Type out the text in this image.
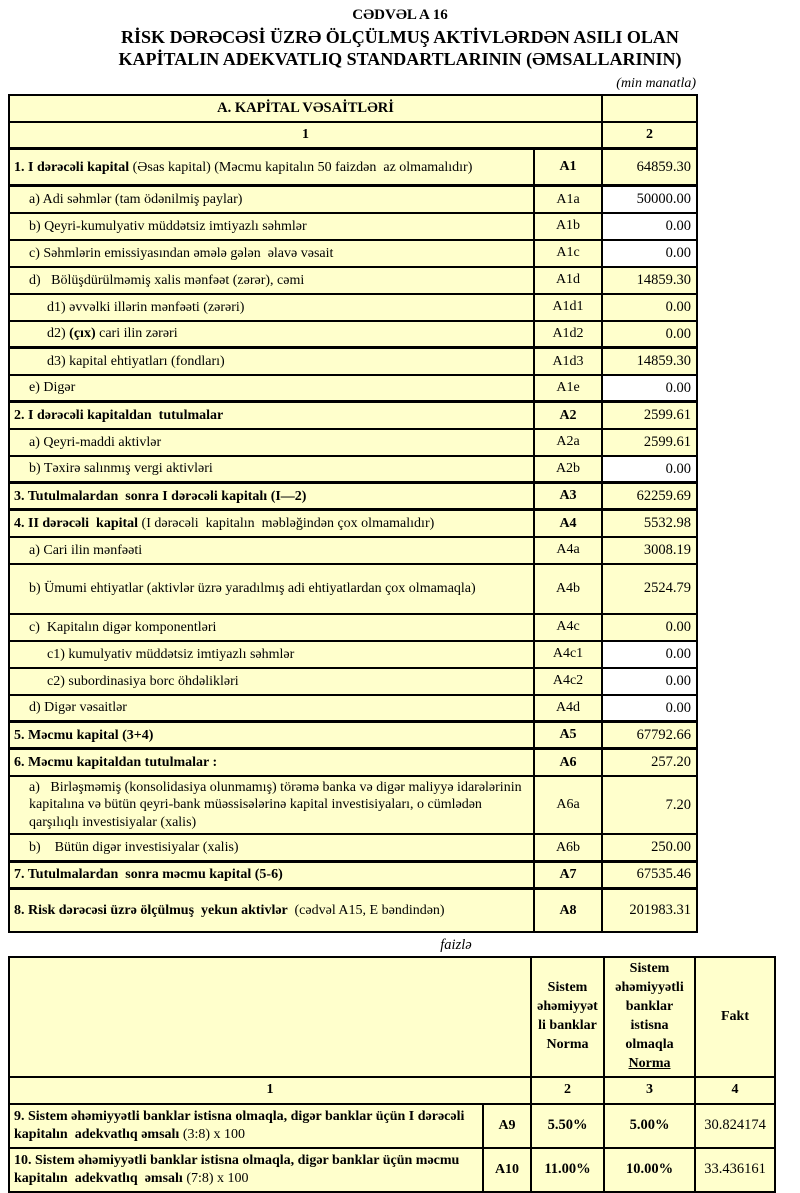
CƏDVƏL A 16
RİSK DƏRƏCƏSİ ÜZRƏ ÖLÇÜLMUŞ AKTİVLƏRDƏN ASILI OLAN
KAPİTALIN ADEKVATLIQ STANDARTLARININ (ƏMSALLARININ)
(min manatla)
A. KAPİTAL VƏSAİTLƏRİ		
1		2
1. I dərəcəli kapital (Əsas kapital) (Məcmu kapitalın 50 faizdən  az olmamalıdır)	A1	64859.30
a) Adi səhmlər (tam ödənilmiş paylar)	A1a	50000.00
b) Qeyri-kumulyativ müddətsiz imtiyazlı səhmlər	A1b	0.00
c) Səhmlərin emissiyasından əmələ gələn  əlavə vəsait	A1c	0.00
d)   Bölüşdürülməmiş xalis mənfəət (zərər), cəmi	A1d	14859.30
d1) əvvəlki illərin mənfəəti (zərəri)	A1d1	0.00
d2) (çıx) cari ilin zərəri	A1d2	0.00
d3) kapital ehtiyatları (fondları)	A1d3	14859.30
e) Digər	A1e	0.00
2. I dərəcəli kapitaldan  tutulmalar	A2	2599.61
a) Qeyri-maddi aktivlər	A2a	2599.61
b) Təxirə salınmış vergi aktivləri	A2b	0.00
3. Tutulmalardan  sonra I dərəcəli kapitalı (I—2)	A3	62259.69
4. II dərəcəli  kapital (I dərəcəli  kapitalın  məbləğindən çox olmamalıdır)	A4	5532.98
a) Cari ilin mənfəəti	A4a	3008.19
b) Ümumi ehtiyatlar (aktivlər üzrə yaradılmış adi ehtiyatlardan çox olmamaqla)	A4b	2524.79
c)  Kapitalın digər komponentləri	A4c	0.00
c1) kumulyativ müddətsiz imtiyazlı səhmlər	A4c1	0.00
c2) subordinasiya borc öhdəlikləri	A4c2	0.00
d) Digər vəsaitlər	A4d	0.00
5. Məcmu kapital (3+4)	A5	67792.66
6. Məcmu kapitaldan tutulmalar :	A6	257.20
a)   Birləşməmiş (konsolidasiya olunmamış) törəmə banka və digər maliyyə idarələrinin kapitalına və bütün qeyri-bank müəssisələrinə kapital investisiyaları, o cümlədən qarşılıqlı investisiyalar (xalis)	A6a	7.20
b)    Bütün digər investisiyalar (xalis)	A6b	250.00
7. Tutulmalardan  sonra məcmu kapital (5-6)	A7	67535.46
8. Risk dərəcəsi üzrə ölçülmuş  yekun aktivlər  (cədvəl A15, E bəndindən)	A8	201983.31
faizlə
		Sistem əhəmiyyətli banklar Norma	Sistem əhəmiyyətli banklar istisna olmaqla Norma	Fakt
1		2	3	4
9. Sistem əhəmiyyətli banklar istisna olmaqla, digər banklar üçün I dərəcəli  kapitalın  adekvatlıq əmsalı (3:8) x 100	A9	5.50%	5.00%	30.824174
10. Sistem əhəmiyyətli banklar istisna olmaqla, digər banklar üçün məcmu kapitalın  adekvatlıq  əmsalı (7:8) x 100	A10	11.00%	10.00%	33.436161
